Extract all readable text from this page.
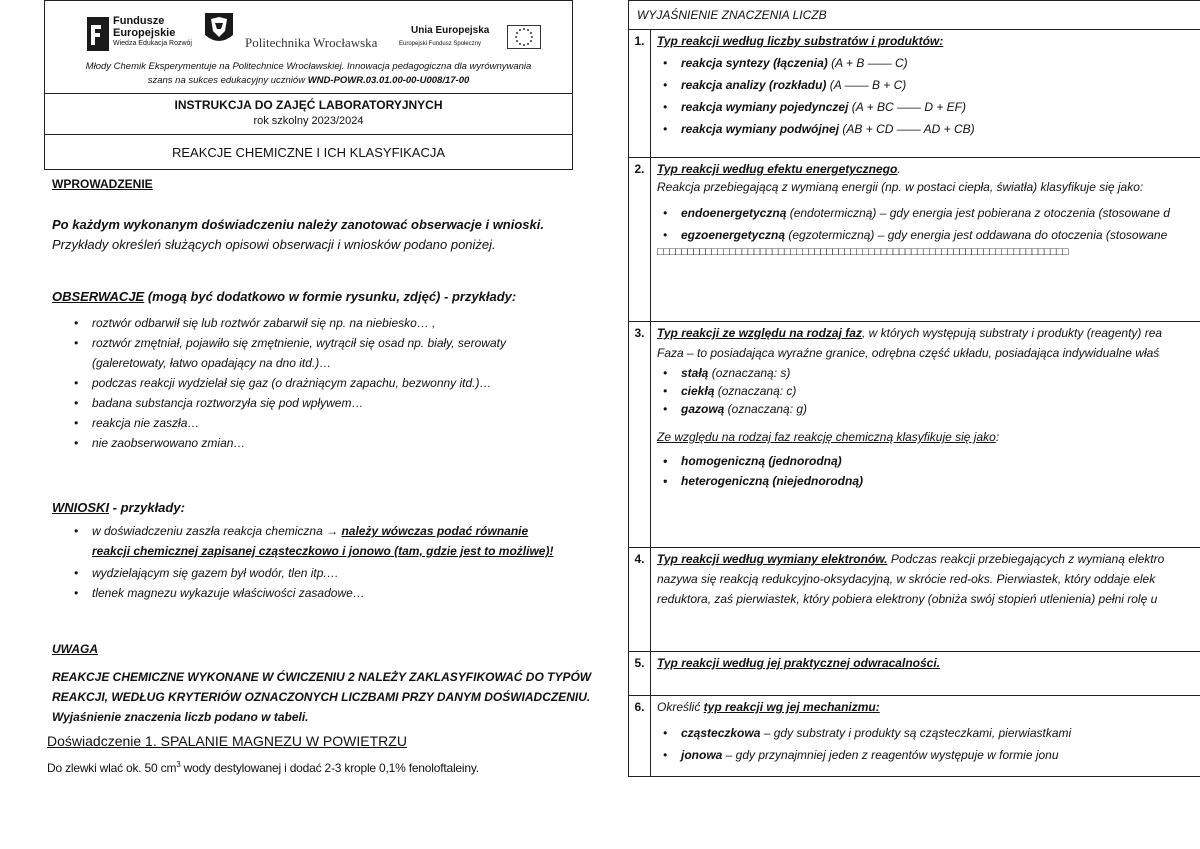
Fundusze
Europejskie
Wiedza Edukacja Rozwój	Politechnika Wrocławska
Unia Europejska
Europejski Fundusz Społeczny
Młody Chemik Eksperymentuje na Politechnice Wrocławskiej. Innowacja pedagogiczna dla wyrównywania
szans na sukces edukacyjny uczniów WND-POWR.03.01.00-00-U008/17-00
INSTRUKCJA DO ZAJĘĆ LABORATORYJNYCH
rok szkolny 2023/2024
REAKCJE CHEMICZNE I ICH KLASYFIKACJA
WPROWADZENIE
Po każdym wykonanym doświadczeniu należy zanotować obserwacje i wnioski.
Przykłady określeń służących opisowi obserwacji i wniosków podano poniżej.
OBSERWACJE (mogą być dodatkowo w formie rysunku, zdjęć) - przykłady:
• roztwór odbarwił się lub roztwór zabarwił się np. na niebiesko… ,
• roztwór zmętniał, pojawiło się zmętnienie, wytrącił się osad np. biały, serowaty
(galeretowaty, łatwo opadający na dno itd.)…
• podczas reakcji wydzielał się gaz (o drażniącym zapachu, bezwonny itd.)…
• badana substancja roztworzyła się pod wpływem…
• reakcja nie zaszła…
• nie zaobserwowano zmian…
WNIOSKI - przykłady:
• w doświadczeniu zaszła reakcja chemiczna → należy wówczas podać równanie
reakcji chemicznej zapisanej cząsteczkowo i jonowo (tam, gdzie jest to możliwe)!
• wydzielającym się gazem był wodór, tlen itp.…
• tlenek magnezu wykazuje właściwości zasadowe…
UWAGA
REAKCJE CHEMICZNE WYKONANE W ĆWICZENIU 2 NALEŻY ZAKLASYFIKOWAĆ DO TYPÓW
REAKCJI, WEDŁUG KRYTERIÓW OZNACZONYCH LICZBAMI PRZY DANYM DOŚWIADCZENIU.
Wyjaśnienie znaczenia liczb podano w tabeli.
Doświadczenie 1. SPALANIE MAGNEZU W POWIETRZU
Do zlewki wlać ok. 50 $cm^3$ wody destylowanej i dodać 2-3 krople 0,1% fenoloftaleiny.
WYJAŚNIENIE ZNACZENIA LICZB
1.	Typ reakcji według liczby substratów i produktów:
• reakcja syntezy (łączenia) (A + B —— C)
• reakcja analizy (rozkładu) (A —— B + C)
• reakcja wymiany pojedynczej (A + BC —— D + EF)
• reakcja wymiany podwójnej (AB + CD —— AD + CB)
2.	Typ reakcji według efektu energetycznego.
Reakcja przebiegającą z wymianą energii (np. w postaci ciepła, światła) klasyfikuje się jako:
• endoenergetyczną (endotermiczną) – gdy energia jest pobierana z otoczenia (stosowane d
• egzoenergetyczną (egzotermiczną) – gdy energia jest oddawana do otoczenia (stosowane
□□□□□□□□□□□□□□□□□□□□□□□□□□□□□□□□□□□□□□□□□□□□□□□□□□□□□□□□□□□□□□□□□□□□
3.	Typ reakcji ze względu na rodzaj faz, w których występują substraty i produkty (reagenty) rea
Faza – to posiadająca wyraźne granice, odrębna część układu, posiadająca indywidualne właś
• stałą (oznaczaną: s)
• ciekłą (oznaczaną: c)
• gazową (oznaczaną: g)
Ze względu na rodzaj faz reakcję chemiczną klasyfikuje się jako:
• homogeniczną (jednorodną)
• heterogeniczną (niejednorodną)
4.	Typ reakcji według wymiany elektronów. Podczas reakcji przebiegających z wymianą elektro
nazywa się reakcją redukcyjno-oksydacyjną, w skrócie red-oks. Pierwiastek, który oddaje elek
reduktora, zaś pierwiastek, który pobiera elektrony (obniża swój stopień utlenienia) pełni rolę u
5.	Typ reakcji według jej praktycznej odwracalności.
6.	Określić typ reakcji wg jej mechanizmu:
• cząsteczkowa – gdy substraty i produkty są cząsteczkami, pierwiastkami
• jonowa – gdy przynajmniej jeden z reagentów występuje w formie jonu
